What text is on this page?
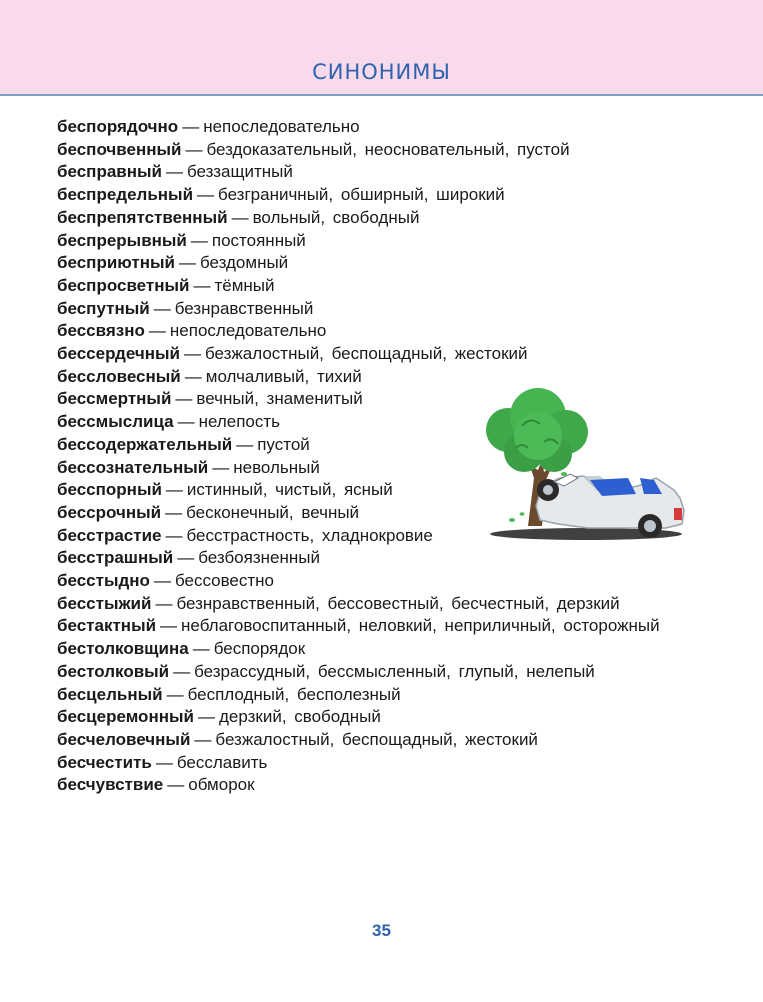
СИНОНИМЫ
беспорядочно — непоследовательно
беспочвенный — бездоказательный, неосновательный, пустой
бесправный — беззащитный
беспредельный — безграничный, обширный, широкий
беспрепятственный — вольный, свободный
беспрерывный — постоянный
бесприютный — бездомный
беспросветный — тёмный
беспутный — безнравственный
бессвязно — непоследовательно
бессердечный — безжалостный, беспощадный, жестокий
бессловесный — молчаливый, тихий
бессмертный — вечный, знаменитый
бессмыслица — нелепость
бессодержательный — пустой
бессознательный — невольный
бесспорный — истинный, чистый, ясный
бессрочный — бесконечный, вечный
бесстрастие — бесстрастность, хладнокровие
бесстрашный — безбоязненный
бесстыдно — бессовестно
бесстыжий — безнравственный, бессовестный, бесчестный, дерзкий
бестактный — неблаговоспитанный, неловкий, неприличный, осторожный
бестолковщина — беспорядок
бестолковый — безрассудный, бессмысленный, глупый, нелепый
бесцельный — бесплодный, бесполезный
бесцеремонный — дерзкий, свободный
бесчеловечный — безжалостный, беспощадный, жестокий
бесчестить — бесславить
бесчувствие — обморок
35
